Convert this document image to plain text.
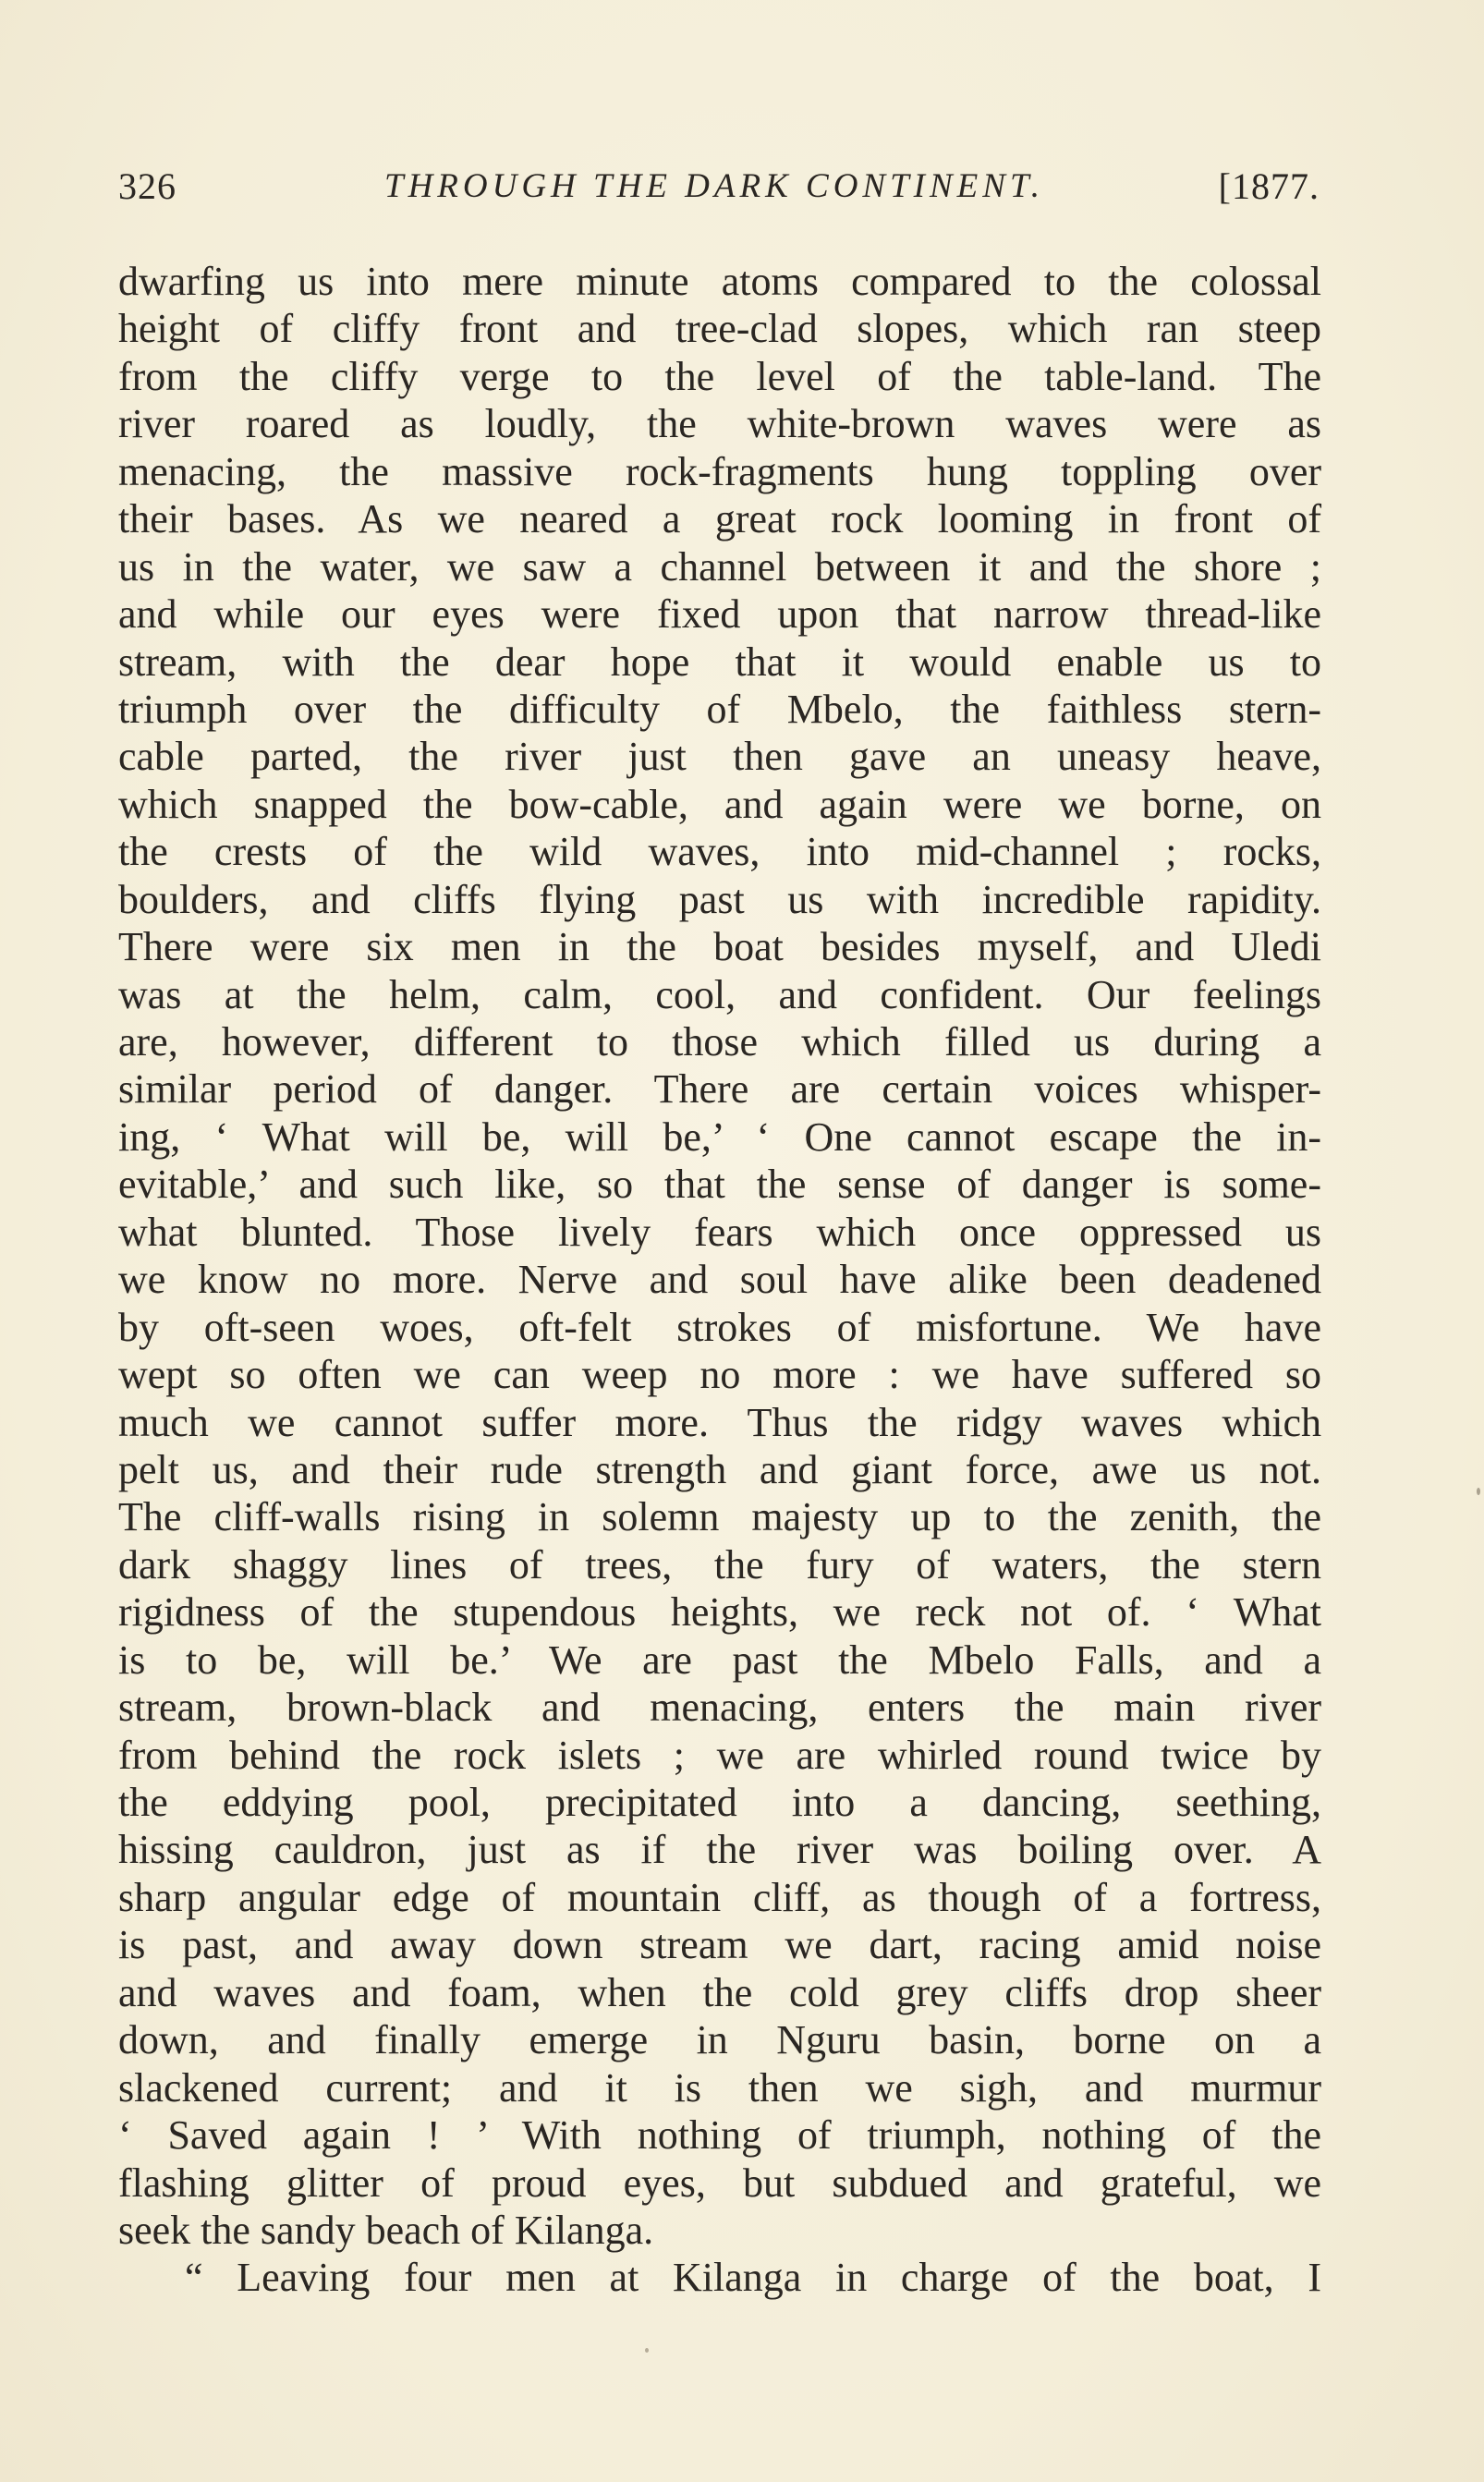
326	THROUGH THE DARK CONTINENT.	[1877.
dwarfing us into mere minute atoms compared to the colossal
height of cliffy front and tree-clad slopes, which ran steep
from the cliffy verge to the level of the table-land. The
river roared as loudly, the white-brown waves were as
menacing, the massive rock-fragments hung toppling over
their bases. As we neared a great rock looming in front of
us in the water, we saw a channel between it and the shore ;
and while our eyes were fixed upon that narrow thread-like
stream, with the dear hope that it would enable us to
triumph over the difficulty of Mbelo, the faithless stern-
cable parted, the river just then gave an uneasy heave,
which snapped the bow-cable, and again were we borne, on
the crests of the wild waves, into mid-channel ; rocks,
boulders, and cliffs flying past us with incredible rapidity.
There were six men in the boat besides myself, and Uledi
was at the helm, calm, cool, and confident. Our feelings
are, however, different to those which filled us during a
similar period of danger. There are certain voices whisper-
ing, ‘ What will be, will be,’ ‘ One cannot escape the in-
evitable,’ and such like, so that the sense of danger is some-
what blunted. Those lively fears which once oppressed us
we know no more. Nerve and soul have alike been deadened
by oft-seen woes, oft-felt strokes of misfortune. We have
wept so often we can weep no more : we have suffered so
much we cannot suffer more. Thus the ridgy waves which
pelt us, and their rude strength and giant force, awe us not.
The cliff-walls rising in solemn majesty up to the zenith, the
dark shaggy lines of trees, the fury of waters, the stern
rigidness of the stupendous heights, we reck not of. ‘ What
is to be, will be.’ We are past the Mbelo Falls, and a
stream, brown-black and menacing, enters the main river
from behind the rock islets ; we are whirled round twice by
the eddying pool, precipitated into a dancing, seething,
hissing cauldron, just as if the river was boiling over. A
sharp angular edge of mountain cliff, as though of a fortress,
is past, and away down stream we dart, racing amid noise
and waves and foam, when the cold grey cliffs drop sheer
down, and finally emerge in Nguru basin, borne on a
slackened current; and it is then we sigh, and murmur
‘ Saved again ! ’ With nothing of triumph, nothing of the
flashing glitter of proud eyes, but subdued and grateful, we
seek the sandy beach of Kilanga.
“ Leaving four men at Kilanga in charge of the boat, I
